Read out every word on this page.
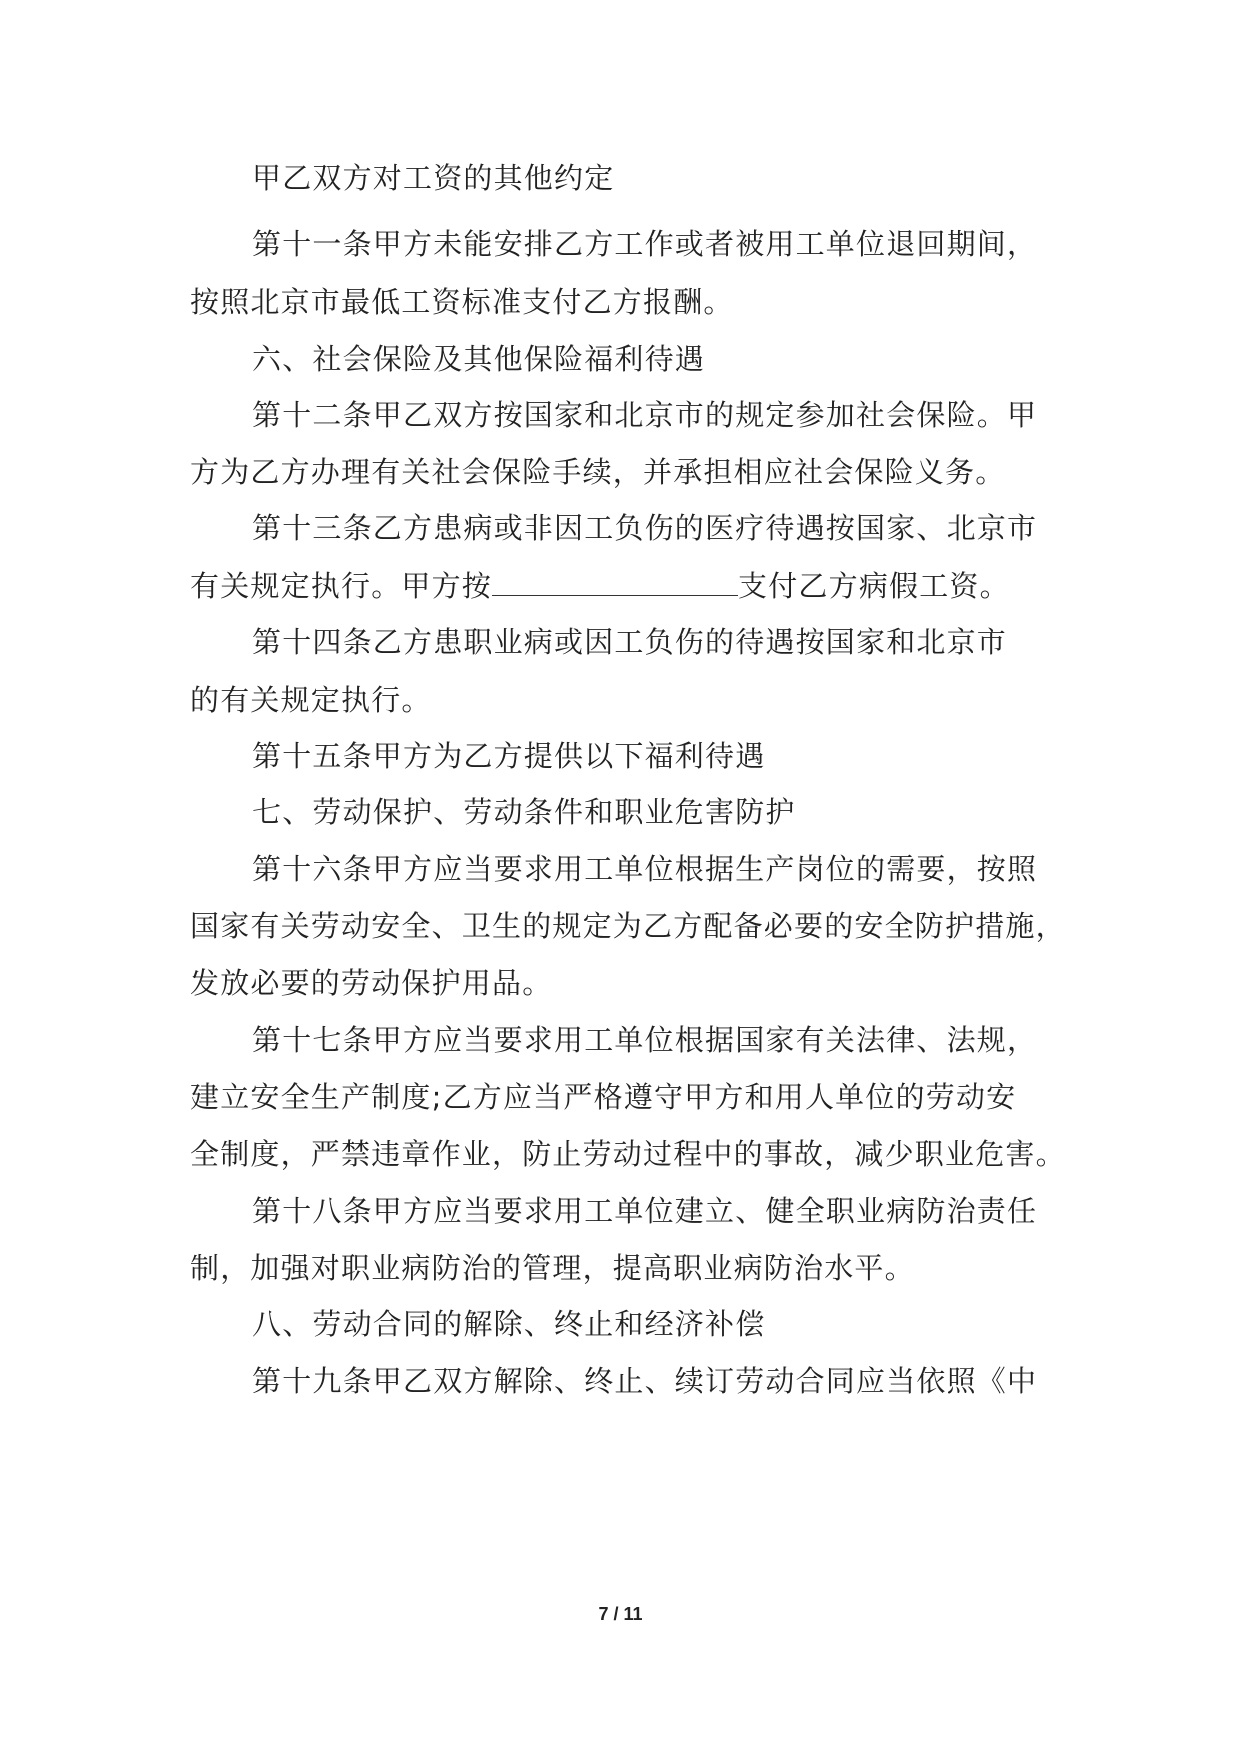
甲乙双方对工资的其他约定
第十一条甲方未能安排乙方工作或者被用工单位退回期间，
按照北京市最低工资标准支付乙方报酬。
六、社会保险及其他保险福利待遇
第十二条甲乙双方按国家和北京市的规定参加社会保险。甲
方为乙方办理有关社会保险手续，并承担相应社会保险义务。
第十三条乙方患病或非因工负伤的医疗待遇按国家、北京市
有关规定执行。甲方按	支付乙方病假工资。
第十四条乙方患职业病或因工负伤的待遇按国家和北京市
的有关规定执行。
第十五条甲方为乙方提供以下福利待遇
七、劳动保护、劳动条件和职业危害防护
第十六条甲方应当要求用工单位根据生产岗位的需要，按照
国家有关劳动安全、卫生的规定为乙方配备必要的安全防护措施，
发放必要的劳动保护用品。
第十七条甲方应当要求用工单位根据国家有关法律、法规，
建立安全生产制度;乙方应当严格遵守甲方和用人单位的劳动安
全制度，严禁违章作业，防止劳动过程中的事故，减少职业危害。
第十八条甲方应当要求用工单位建立、健全职业病防治责任
制，加强对职业病防治的管理，提高职业病防治水平。
八、劳动合同的解除、终止和经济补偿
第十九条甲乙双方解除、终止、续订劳动合同应当依照《中
7 / 11
